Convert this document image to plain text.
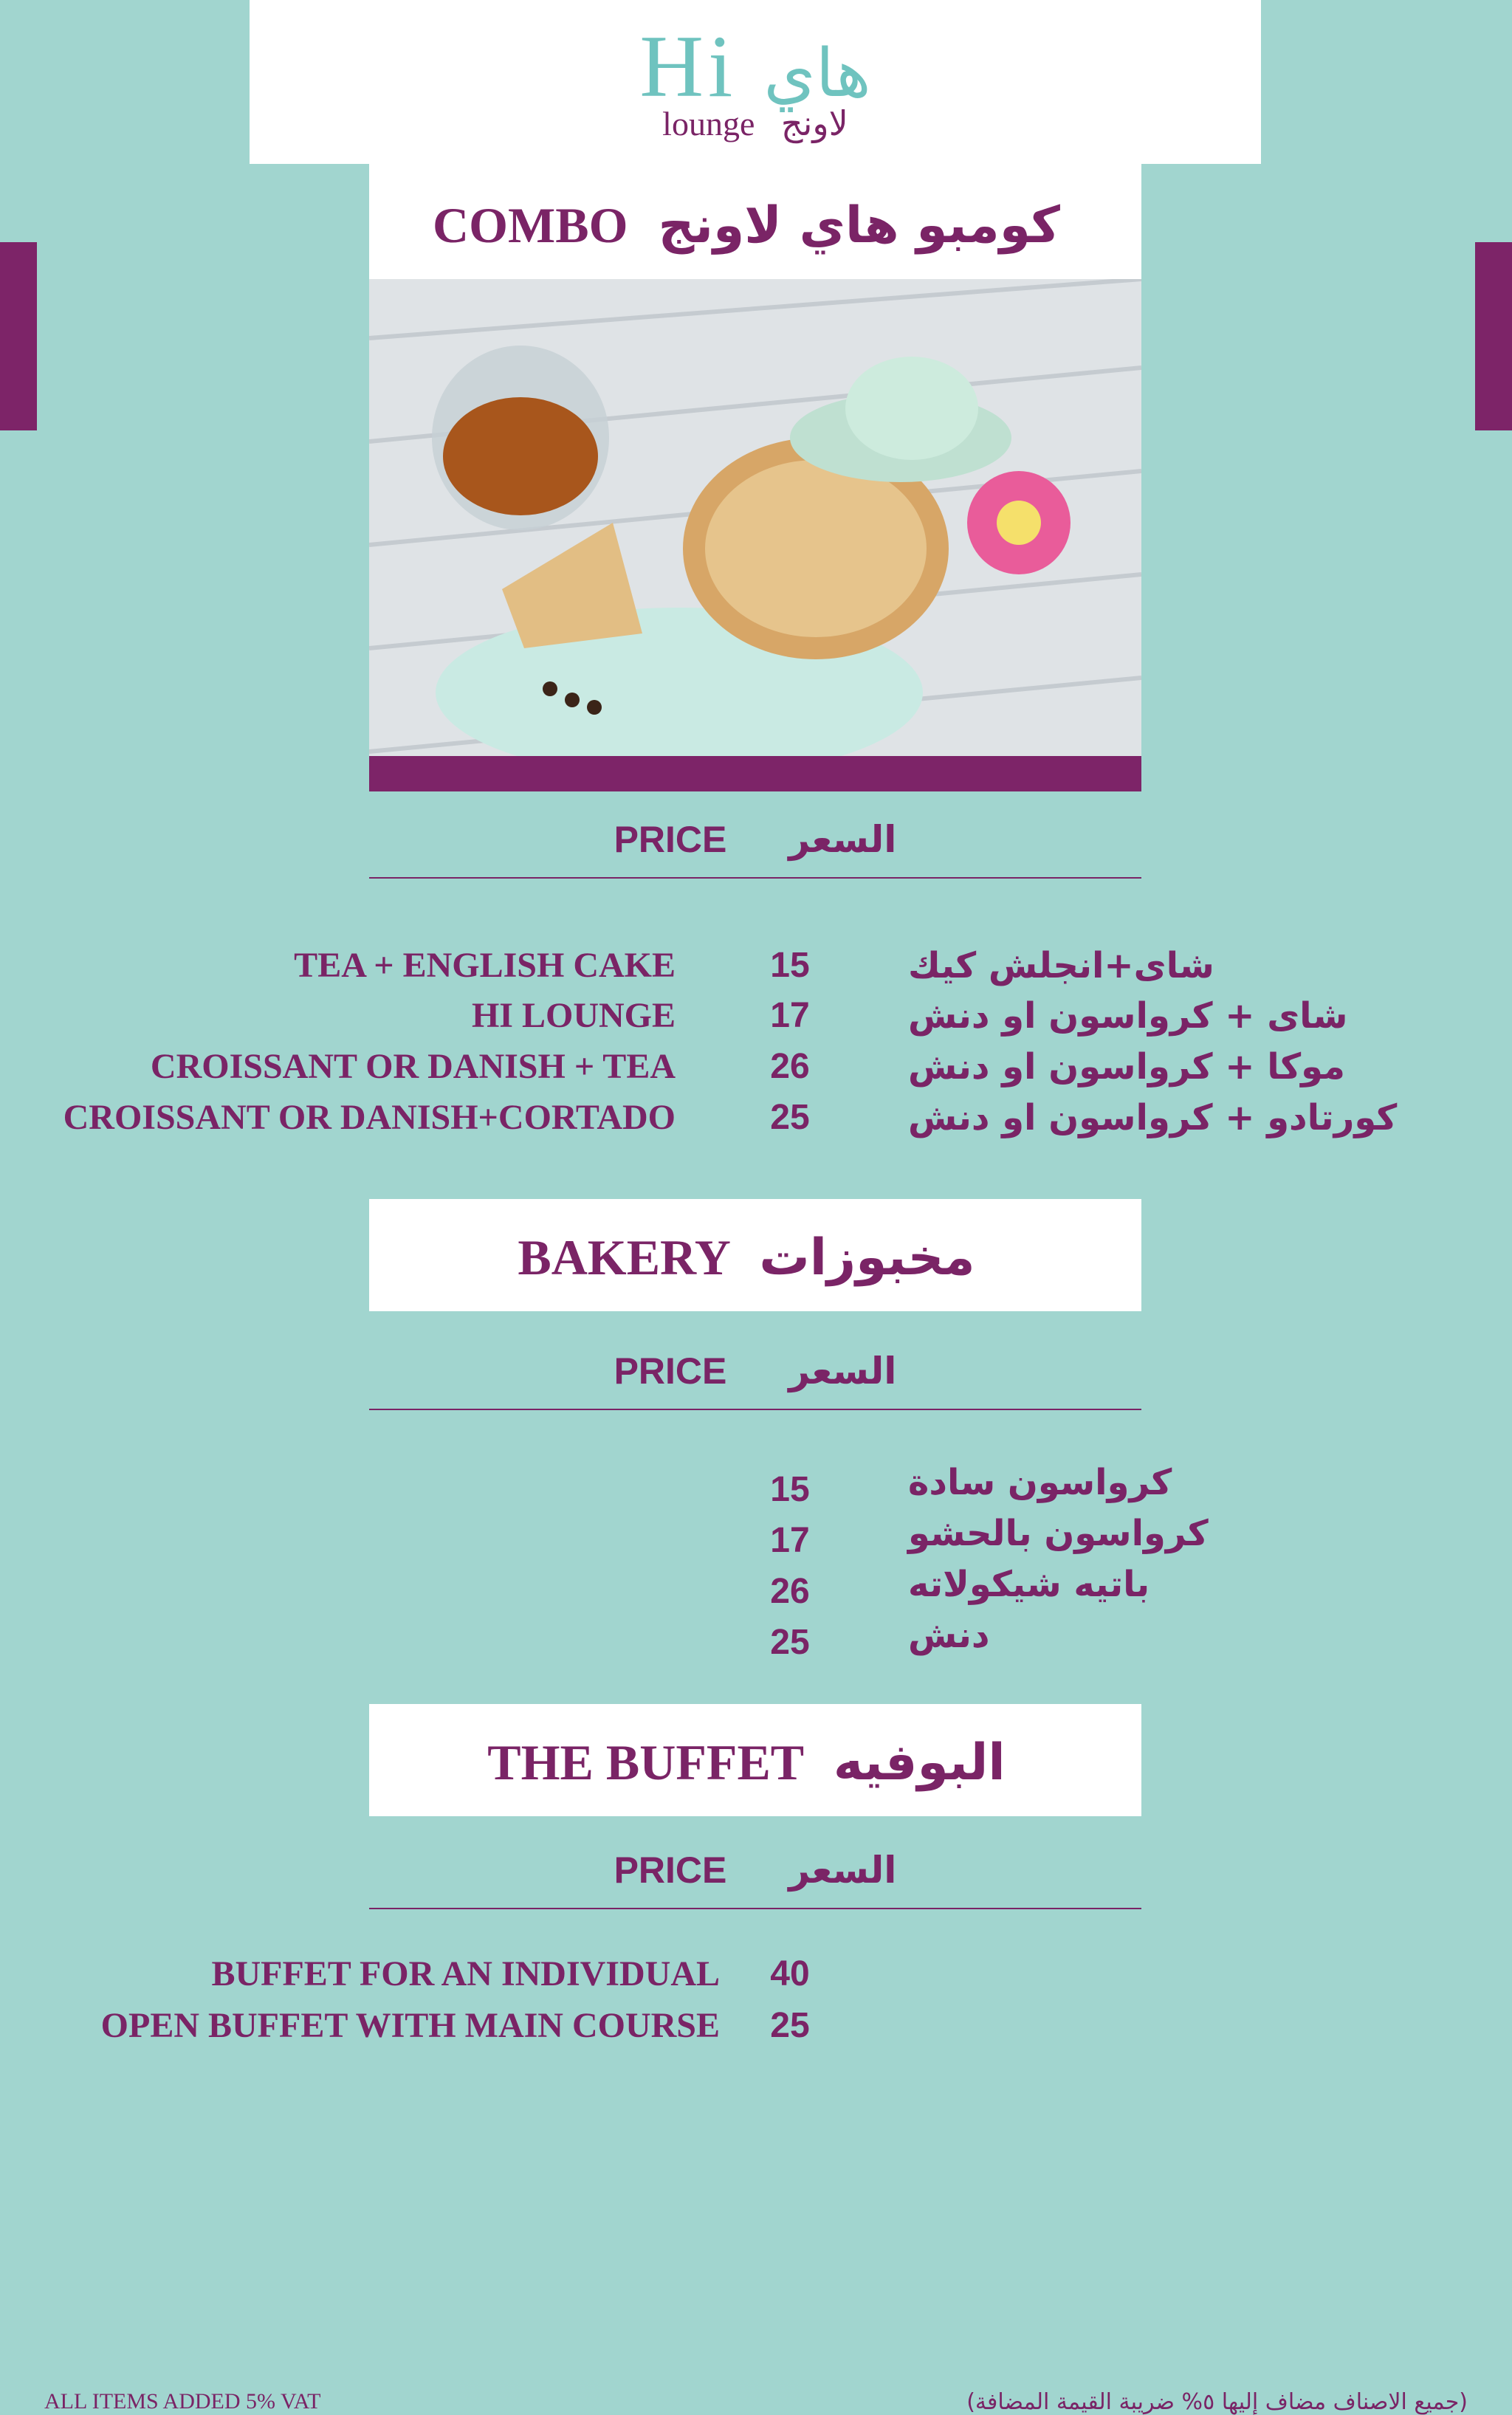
Hi هاي
lounge لاونج
COMBO كومبو هاي لاونج
PRICE السعر
TEA + ENGLISH CAKE	15	شاى+انجلش كيك
HI LOUNGE	17	شاى + كرواسون او دنش
CROISSANT OR DANISH + TEA	26	موكا + كرواسون او دنش
CROISSANT OR DANISH+CORTADO	25	كورتادو + كرواسون او دنش
BAKERY مخبوزات
PRICE السعر
15	كرواسون سادة
17	كرواسون بالحشو
26	باتيه شيكولاته
25	دنش
THE BUFFET البوفيه
PRICE السعر
BUFFET FOR AN INDIVIDUAL 40
OPEN BUFFET WITH MAIN COURSE 25
ALL ITEMS ADDED 5% VAT	(جميع الاصناف مضاف إليها ٥% ضريبة القيمة المضافة)
